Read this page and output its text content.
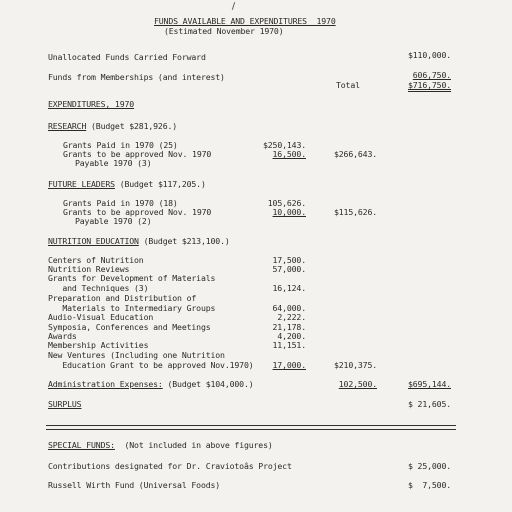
FUNDS AVAILABLE AND EXPENDITURES  1970
(Estimated November 1970)
Unallocated Funds Carried Forward	$110,000.
Funds from Memberships (and interest)	606,750.
Total	$716,750.
EXPENDITURES, 1970
RESEARCH (Budget $281,926.)
Grants Paid in 1970 (25)	$250,143.
Grants to be approved Nov. 1970	16,500.	$266,643.
Payable 1970 (3)
FUTURE LEADERS (Budget $117,205.)
Grants Paid in 1970 (18)	105,626.
Grants to be approved Nov. 1970	10,000.	$115,626.
Payable 1970 (2)
NUTRITION EDUCATION (Budget $213,100.)
Centers of Nutrition	17,500.
Nutrition Reviews	57,000.
Grants for Development of Materials
and Techniques (3)	16,124.
Preparation and Distribution of
Materials to Intermediary Groups	64,000.
Audio-Visual Education	2,222.
Symposia, Conferences and Meetings	21,178.
Awards	4,200.
Membership Activities	11,151.
New Ventures (Including one Nutrition
Education Grant to be approved Nov.1970) 17,000.	$210,375.
Administration Expenses: (Budget $104,000.)	102,500.	$695,144.
SURPLUS	$ 21,605.
SPECIAL FUNDS: (Not included in above figures)
Contributions designated for Dr. Craviotoâs Project	$ 25,000.
Russell Wirth Fund (Universal Foods)	$  7,500.
